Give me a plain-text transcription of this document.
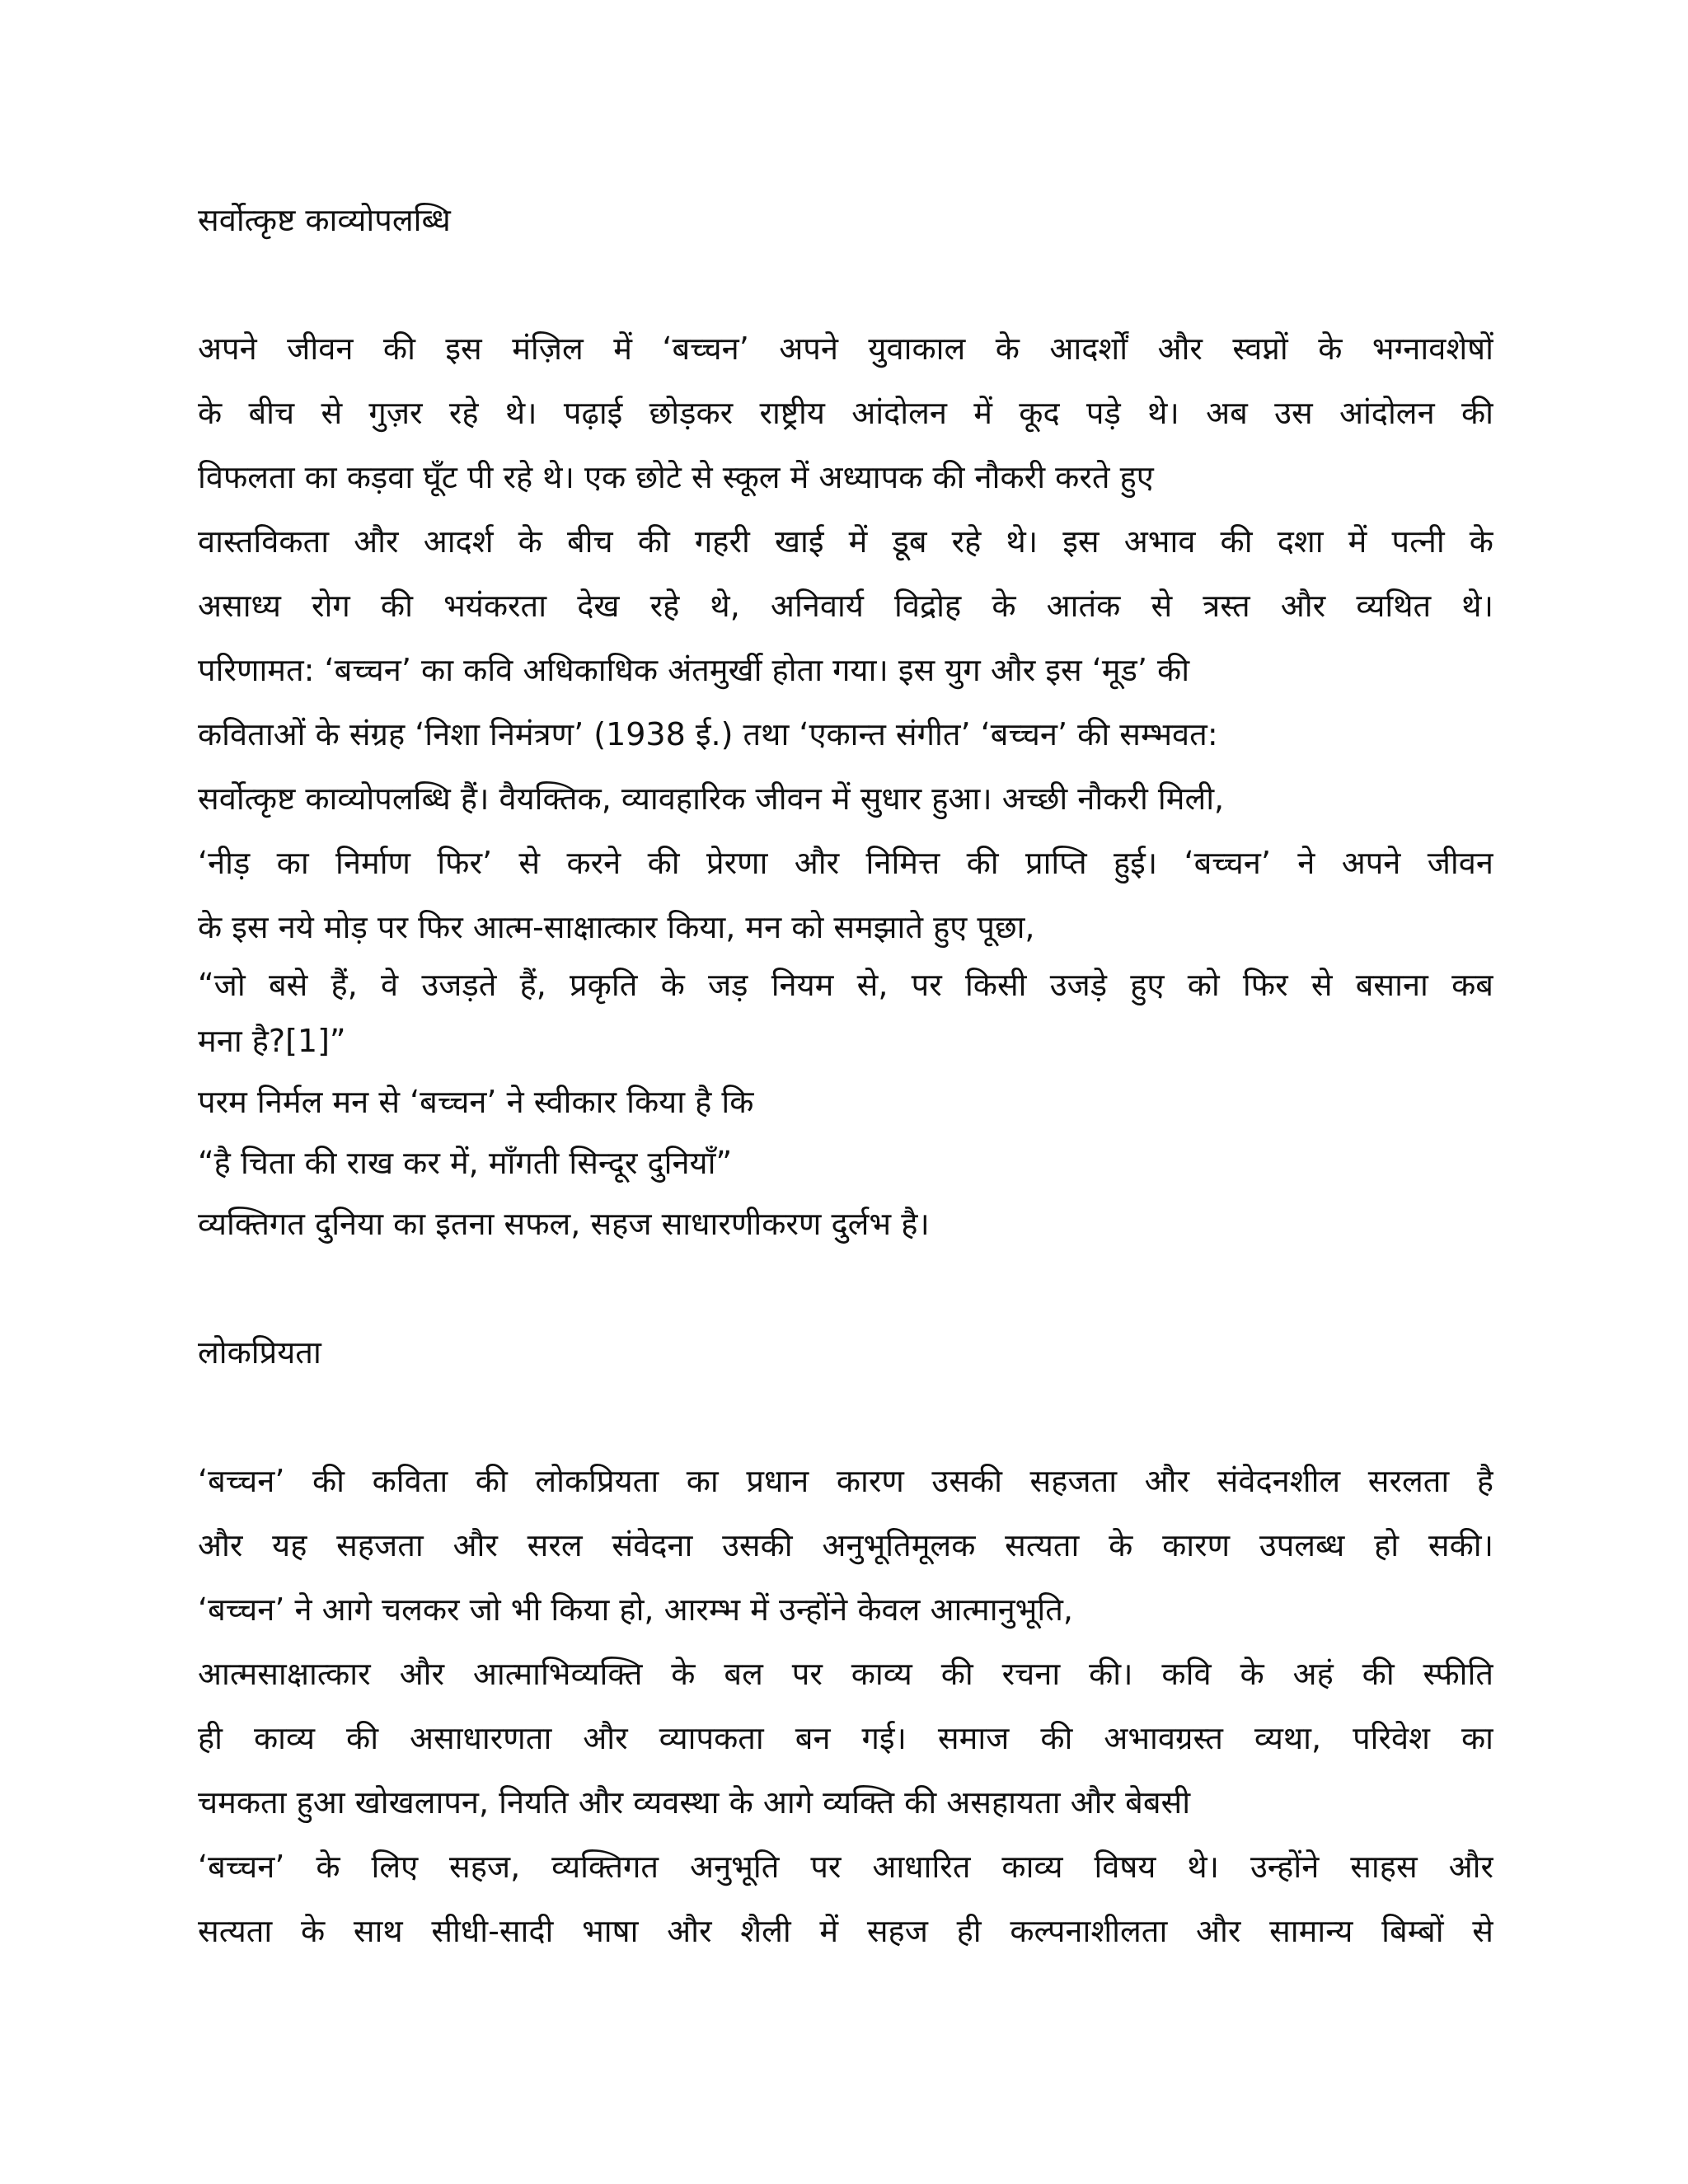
सर्वोत्कृष्ट काव्योपलब्धि

अपने जीवन की इस मंज़िल में ‘बच्चन’ अपने युवाकाल के आदर्शों और स्वप्नों के भग्नावशेषों

के बीच से गुज़र रहे थे। पढ़ाई छोड़कर राष्ट्रीय आंदोलन में कूद पड़े थे। अब उस आंदोलन की

विफलता का कड़वा घूँट पी रहे थे। एक छोटे से स्कूल में अध्यापक की नौकरी करते हुए

वास्तविकता और आदर्श के बीच की गहरी खाई में डूब रहे थे। इस अभाव की दशा में पत्नी के

असाध्य रोग की भयंकरता देख रहे थे, अनिवार्य विद्रोह के आतंक से त्रस्त और व्यथित थे।

परिणामत: ‘बच्चन’ का कवि अधिकाधिक अंतमुर्खी होता गया। इस युग और इस ‘मूड’ की

कविताओं के संग्रह ‘निशा निमंत्रण’ (1938 ई.) तथा ‘एकान्त संगीत’ ‘बच्चन’ की सम्भवत:

सर्वोत्कृष्ट काव्योपलब्धि हैं। वैयक्तिक, व्यावहारिक जीवन में सुधार हुआ। अच्छी नौकरी मिली,

‘नीड़ का निर्माण फिर’ से करने की प्रेरणा और निमित्त की प्राप्ति हुई। ‘बच्चन’ ने अपने जीवन

के इस नये मोड़ पर फिर आत्म-साक्षात्कार किया, मन को समझाते हुए पूछा,

“जो बसे हैं, वे उजड़ते हैं, प्रकृति के जड़ नियम से, पर किसी उजड़े हुए को फिर से बसाना कब

मना है?[1]”

परम निर्मल मन से ‘बच्चन’ ने स्वीकार किया है कि

“है चिता की राख कर में, माँगती सिन्दूर दुनियाँ”

व्यक्तिगत दुनिया का इतना सफल, सहज साधारणीकरण दुर्लभ है।

लोकप्रियता

‘बच्चन’ की कविता की लोकप्रियता का प्रधान कारण उसकी सहजता और संवेदनशील सरलता है

और यह सहजता और सरल संवेदना उसकी अनुभूतिमूलक सत्यता के कारण उपलब्ध हो सकी।

‘बच्चन’ ने आगे चलकर जो भी किया हो, आरम्भ में उन्होंने केवल आत्मानुभूति,

आत्मसाक्षात्कार और आत्माभिव्यक्ति के बल पर काव्य की रचना की। कवि के अहं की स्फीति

ही काव्य की असाधारणता और व्यापकता बन गई। समाज की अभावग्रस्त व्यथा, परिवेश का

चमकता हुआ खोखलापन, नियति और व्यवस्था के आगे व्यक्ति की असहायता और बेबसी

‘बच्चन’ के लिए सहज, व्यक्तिगत अनुभूति पर आधारित काव्य विषय थे। उन्होंने साहस और

सत्यता के साथ सीधी-सादी भाषा और शैली में सहज ही कल्पनाशीलता और सामान्य बिम्बों से
